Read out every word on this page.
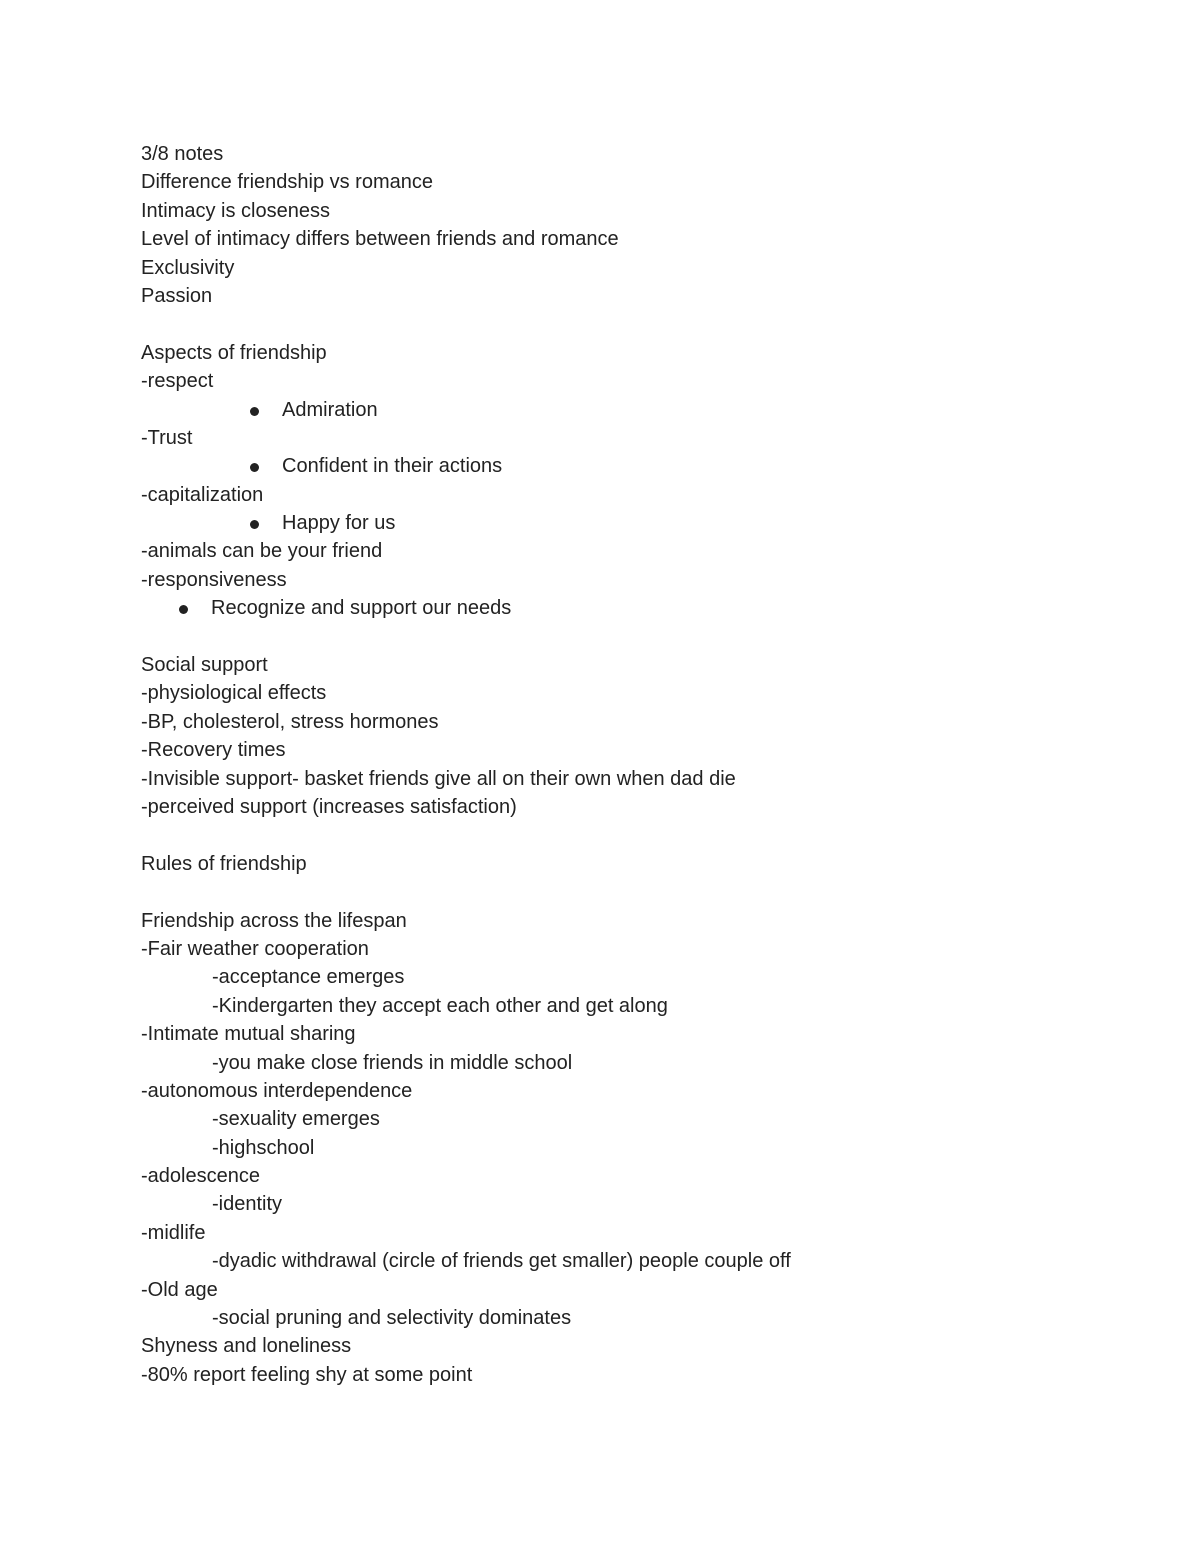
3/8 notes
Difference friendship vs romance
Intimacy is closeness
Level of intimacy differs between friends and romance
Exclusivity
Passion
Aspects of friendship
-respect
Admiration
-Trust
Confident in their actions
-capitalization
Happy for us
-animals can be your friend
-responsiveness
Recognize and support our needs
Social support
-physiological effects
-BP, cholesterol, stress hormones
-Recovery times
-Invisible support- basket friends give all on their own when dad die
-perceived support (increases satisfaction)
Rules of friendship
Friendship across the lifespan
-Fair weather cooperation
-acceptance emerges
-Kindergarten they accept each other and get along
-Intimate mutual sharing
-you make close friends in middle school
-autonomous interdependence
-sexuality emerges
-highschool
-adolescence
-identity
-midlife
-dyadic withdrawal (circle of friends get smaller) people couple off
-Old age
-social pruning and selectivity dominates
Shyness and loneliness
-80% report feeling shy at some point
